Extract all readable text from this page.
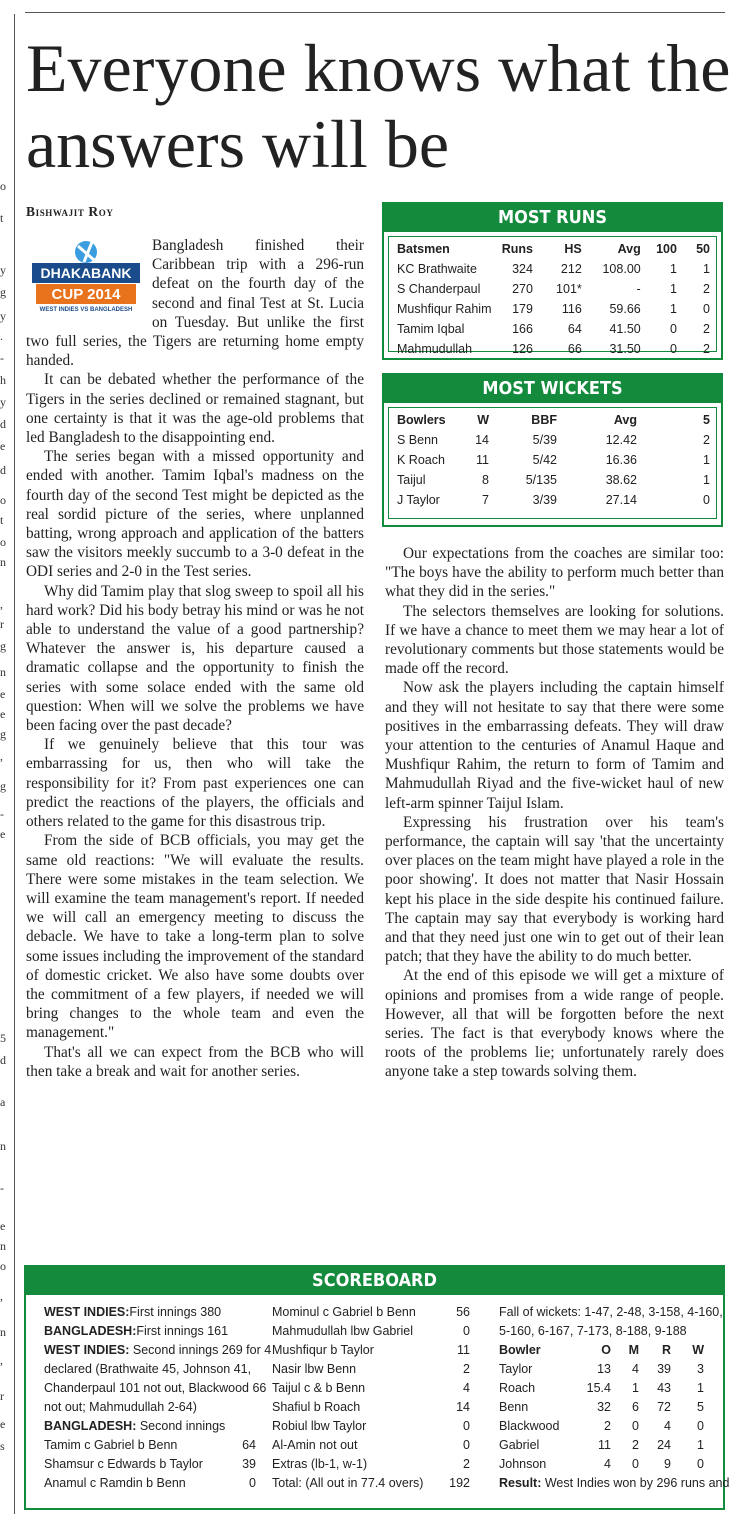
o
t
y
g
y
.
-
h
y
d
e
d
o
t
o
n
,
r
g
n
e
e
g
,
g
-
e
5
d
a
n
-
e
n
o
,
n
,
r
e
s
Everyone knows what the answers will be
Bishwajit Roy
DHAKABANK
CUP 2014
WEST INDIES VS BANGLADESH

Bangladesh finished their Caribbean trip with a 296-run defeat on the fourth day of the second and final Test at St. Lucia on Tuesday. But unlike the first two full series, the Tigers are returning home empty handed.

It can be debated whether the performance of the Tigers in the series declined or remained stagnant, but one certainty is that it was the age-old problems that led Bangladesh to the disappointing end.

The series began with a missed opportunity and ended with another. Tamim Iqbal's madness on the fourth day of the second Test might be depicted as the real sordid picture of the series, where unplanned batting, wrong approach and application of the batters saw the visitors meekly succumb to a 3-0 defeat in the ODI series and 2-0 in the Test series.

Why did Tamim play that slog sweep to spoil all his hard work? Did his body betray his mind or was he not able to understand the value of a good partnership? Whatever the answer is, his departure caused a dramatic collapse and the opportunity to finish the series with some solace ended with the same old question: When will we solve the problems we have been facing over the past decade?

If we genuinely believe that this tour was embarrassing for us, then who will take the responsibility for it? From past experiences one can predict the reactions of the players, the officials and others related to the game for this disastrous trip.

From the side of BCB officials, you may get the same old reactions: "We will evaluate the results. There were some mistakes in the team selection. We will examine the team management's report. If needed we will call an emergency meeting to discuss the debacle. We have to take a long-term plan to solve some issues including the improvement of the standard of domestic cricket. We also have some doubts over the commitment of a few players, if needed we will bring changes to the whole team and even the management."

That's all we can expect from the BCB who will then take a break and wait for another series.

Our expectations from the coaches are similar too: "The boys have the ability to perform much better than what they did in the series."

The selectors themselves are looking for solutions. If we have a chance to meet them we may hear a lot of revolutionary comments but those statements would be made off the record.

Now ask the players including the captain himself and they will not hesitate to say that there were some positives in the embarrassing defeats. They will draw your attention to the centuries of Anamul Haque and Mushfiqur Rahim, the return to form of Tamim and Mahmudullah Riyad and the five-wicket haul of new left-arm spinner Taijul Islam.

Expressing his frustration over his team's performance, the captain will say 'that the uncertainty over places on the team might have played a role in the poor showing'. It does not matter that Nasir Hossain kept his place in the side despite his continued failure. The captain may say that everybody is working hard and that they need just one win to get out of their lean patch; that they have the ability to do much better.

At the end of this episode we will get a mixture of opinions and promises from a wide range of people. However, all that will be forgotten before the next series. The fact is that everybody knows where the roots of the problems lie; unfortunately rarely does anyone take a step towards solving them.

MOST RUNS
Batsmen	Runs	HS	Avg	100	50
KC Brathwaite	324	212	108.00	1	1
S Chanderpaul	270	101*	-	1	2
Mushfiqur Rahim	179	116	59.66	1	0
Tamim Iqbal	166	64	41.50	0	2
Mahmudullah	126	66	31.50	0	2
MOST WICKETS
Bowlers	W	BBF	Avg	5
S Benn	14	5/39	12.42	2
K Roach	11	5/42	16.36	1
Taijul	8	5/135	38.62	1
J Taylor	7	3/39	27.14	0
SCOREBOARD
WEST INDIES:First innings 380
BANGLADESH:First innings 161
WEST INDIES: Second innings 269 for 4
declared (Brathwaite 45, Johnson 41,
Chanderpaul 101 not out, Blackwood 66
not out; Mahmudullah 2-64)
BANGLADESH: Second innings
Tamim c Gabriel b Benn	64
Shamsur c Edwards b Taylor	39
Anamul c Ramdin b Benn	0
Mominul c Gabriel b Benn	56
Mahmudullah lbw Gabriel	0
Mushfiqur b Taylor	11
Nasir lbw Benn	2
Taijul c & b Benn	4
Shafiul b Roach	14
Robiul lbw Taylor	0
Al-Amin not out	0
Extras (lb-1, w-1)	2
Total: (All out in 77.4 overs) 192
Fall of wickets: 1-47, 2-48, 3-158, 4-160,
5-160, 6-167, 7-173, 8-188, 9-188
Bowler	O M R W
Taylor	13 4 39 3
Roach	15.4 1 43 1
Benn	32 6 72 5
Blackwood	2 0 4 0
Gabriel	11 2 24 1
Johnson	4 0 9 0
Result: West Indies won by 296 runs and
